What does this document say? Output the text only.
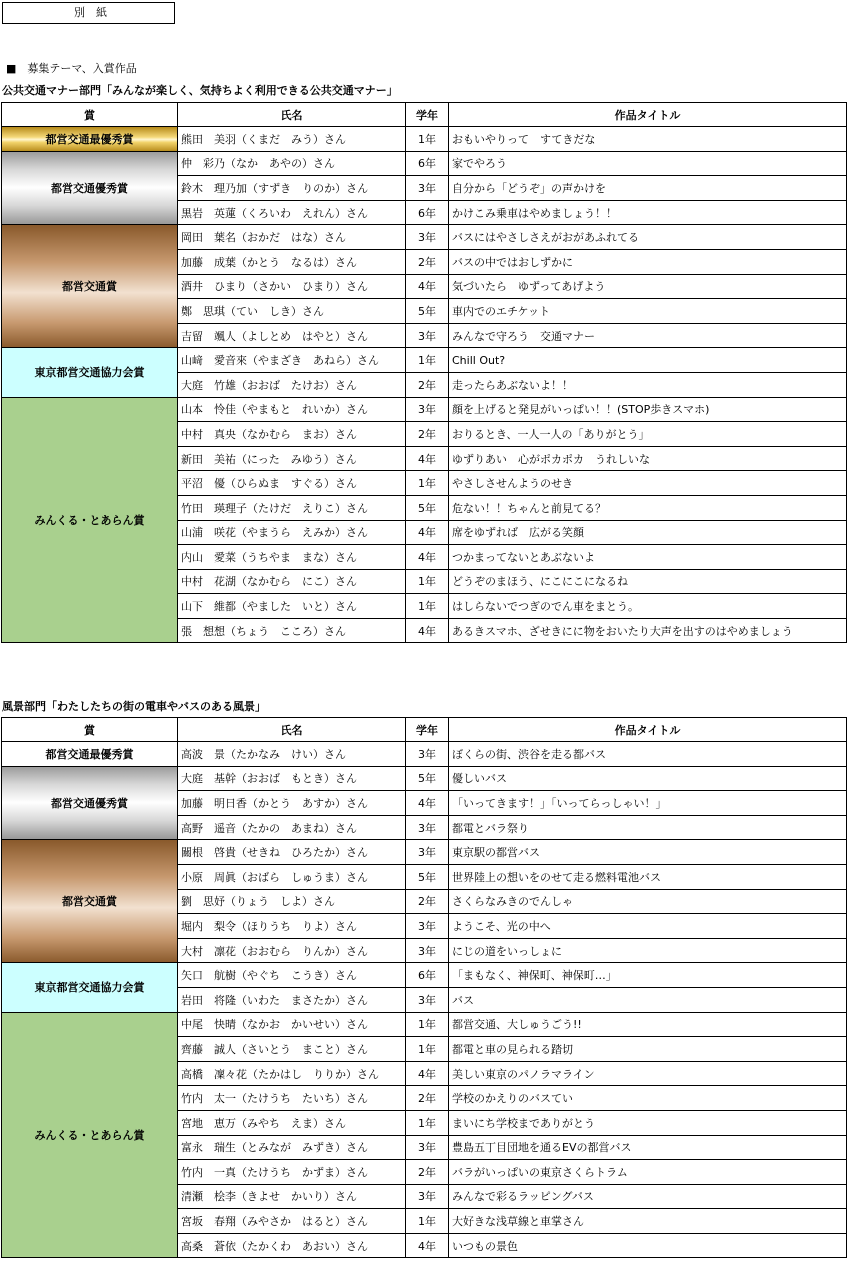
別　紙
■　募集テーマ、入賞作品
公共交通マナー部門「みんなが楽しく、気持ちよく利用できる公共交通マナー」
賞	氏名	学年	作品タイトル
都営交通最優秀賞	熊田　美羽（くまだ　みう）さん	1年	おもいやりって　すてきだな
都営交通優秀賞	仲　彩乃（なか　あやの）さん	6年	家でやろう
	鈴木　理乃加（すずき　りのか）さん	3年	自分から「どうぞ」の声かけを
	黒岩　英蓮（くろいわ　えれん）さん	6年	かけこみ乗車はやめましょう！！
都営交通賞	岡田　葉名（おかだ　はな）さん	3年	バスにはやさしさえがおがあふれてる
	加藤　成葉（かとう　なるは）さん	2年	バスの中ではおしずかに
	酒井　ひまり（さかい　ひまり）さん	4年	気づいたら　ゆずってあげよう
	鄭　思琪（てい　しき）さん	5年	車内でのエチケット
	吉留　颯人（よしとめ　はやと）さん	3年	みんなで守ろう　交通マナー
東京都営交通協力会賞	山﨑　愛音來（やまざき　あねら）さん	1年	Chill Out?
	大庭　竹雄（おおば　たけお）さん	2年	走ったらあぶないよ！！
みんくる・とあらん賞	山本　怜佳（やまもと　れいか）さん	3年	顔を上げると発見がいっぱい！！(STOP歩きスマホ)
	中村　真央（なかむら　まお）さん	2年	おりるとき、一人一人の「ありがとう」
	新田　美祐（にった　みゆう）さん	4年	ゆずりあい　心がポカポカ　うれしいな
	平沼　優（ひらぬま　すぐる）さん	1年	やさしさせんようのせき
	竹田　瑛理子（たけだ　えりこ）さん	5年	危ない！！ちゃんと前見てる？
	山浦　咲花（やまうら　えみか）さん	4年	席をゆずれば　広がる笑顔
	内山　愛菜（うちやま　まな）さん	4年	つかまってないとあぶないよ
	中村　花湖（なかむら　にこ）さん	1年	どうぞのまほう、にこにこになるね
	山下　維都（やました　いと）さん	1年	はしらないでつぎのでん車をまとう。
	張　想想（ちょう　こころ）さん	4年	あるきスマホ、ざせきにに物をおいたり大声を出すのはやめましょう
風景部門「わたしたちの街の電車やバスのある風景」
賞	氏名	学年	作品タイトル
都営交通最優秀賞	高波　景（たかなみ　けい）さん	3年	ぼくらの街、渋谷を走る都バス
都営交通優秀賞	大庭　基幹（おおば　もとき）さん	5年	優しいバス
	加藤　明日香（かとう　あすか）さん	4年	「いってきます！」「いってらっしゃい！」
	高野　遥音（たかの　あまね）さん	3年	都電とバラ祭り
都営交通賞	關根　啓貴（せきね　ひろたか）さん	3年	東京駅の都営バス
	小原　周眞（おばら　しゅうま）さん	5年	世界陸上の想いをのせて走る燃料電池バス
	劉　思妤（りょう　しよ）さん	2年	さくらなみきのでんしゃ
	堀内　梨令（ほりうち　りよ）さん	3年	ようこそ、光の中へ
	大村　凛花（おおむら　りんか）さん	3年	にじの道をいっしょに
東京都営交通協力会賞	矢口　航樹（やぐち　こうき）さん	6年	「まもなく、神保町、神保町…」
	岩田　将隆（いわた　まさたか）さん	3年	バス
みんくる・とあらん賞	中尾　快晴（なかお　かいせい）さん	1年	都営交通、大しゅうごう!!
	齊藤　誠人（さいとう　まこと）さん	1年	都電と車の見られる踏切
	高橋　凜々花（たかはし　りりか）さん	4年	美しい東京のパノラマライン
	竹内　太一（たけうち　たいち）さん	2年	学校のかえりのバスてい
	宮地　恵万（みやち　えま）さん	1年	まいにち学校までありがとう
	富永　瑞生（とみなが　みずき）さん	3年	豊島五丁目団地を通るEVの都営バス
	竹内　一真（たけうち　かずま）さん	2年	バラがいっぱいの東京さくらトラム
	清瀬　桧李（きよせ　かいり）さん	3年	みんなで彩るラッピングバス
	宮坂　春翔（みやさか　はると）さん	1年	大好きな浅草線と車掌さん
	高桑　蒼依（たかくわ　あおい）さん	4年	いつもの景色
